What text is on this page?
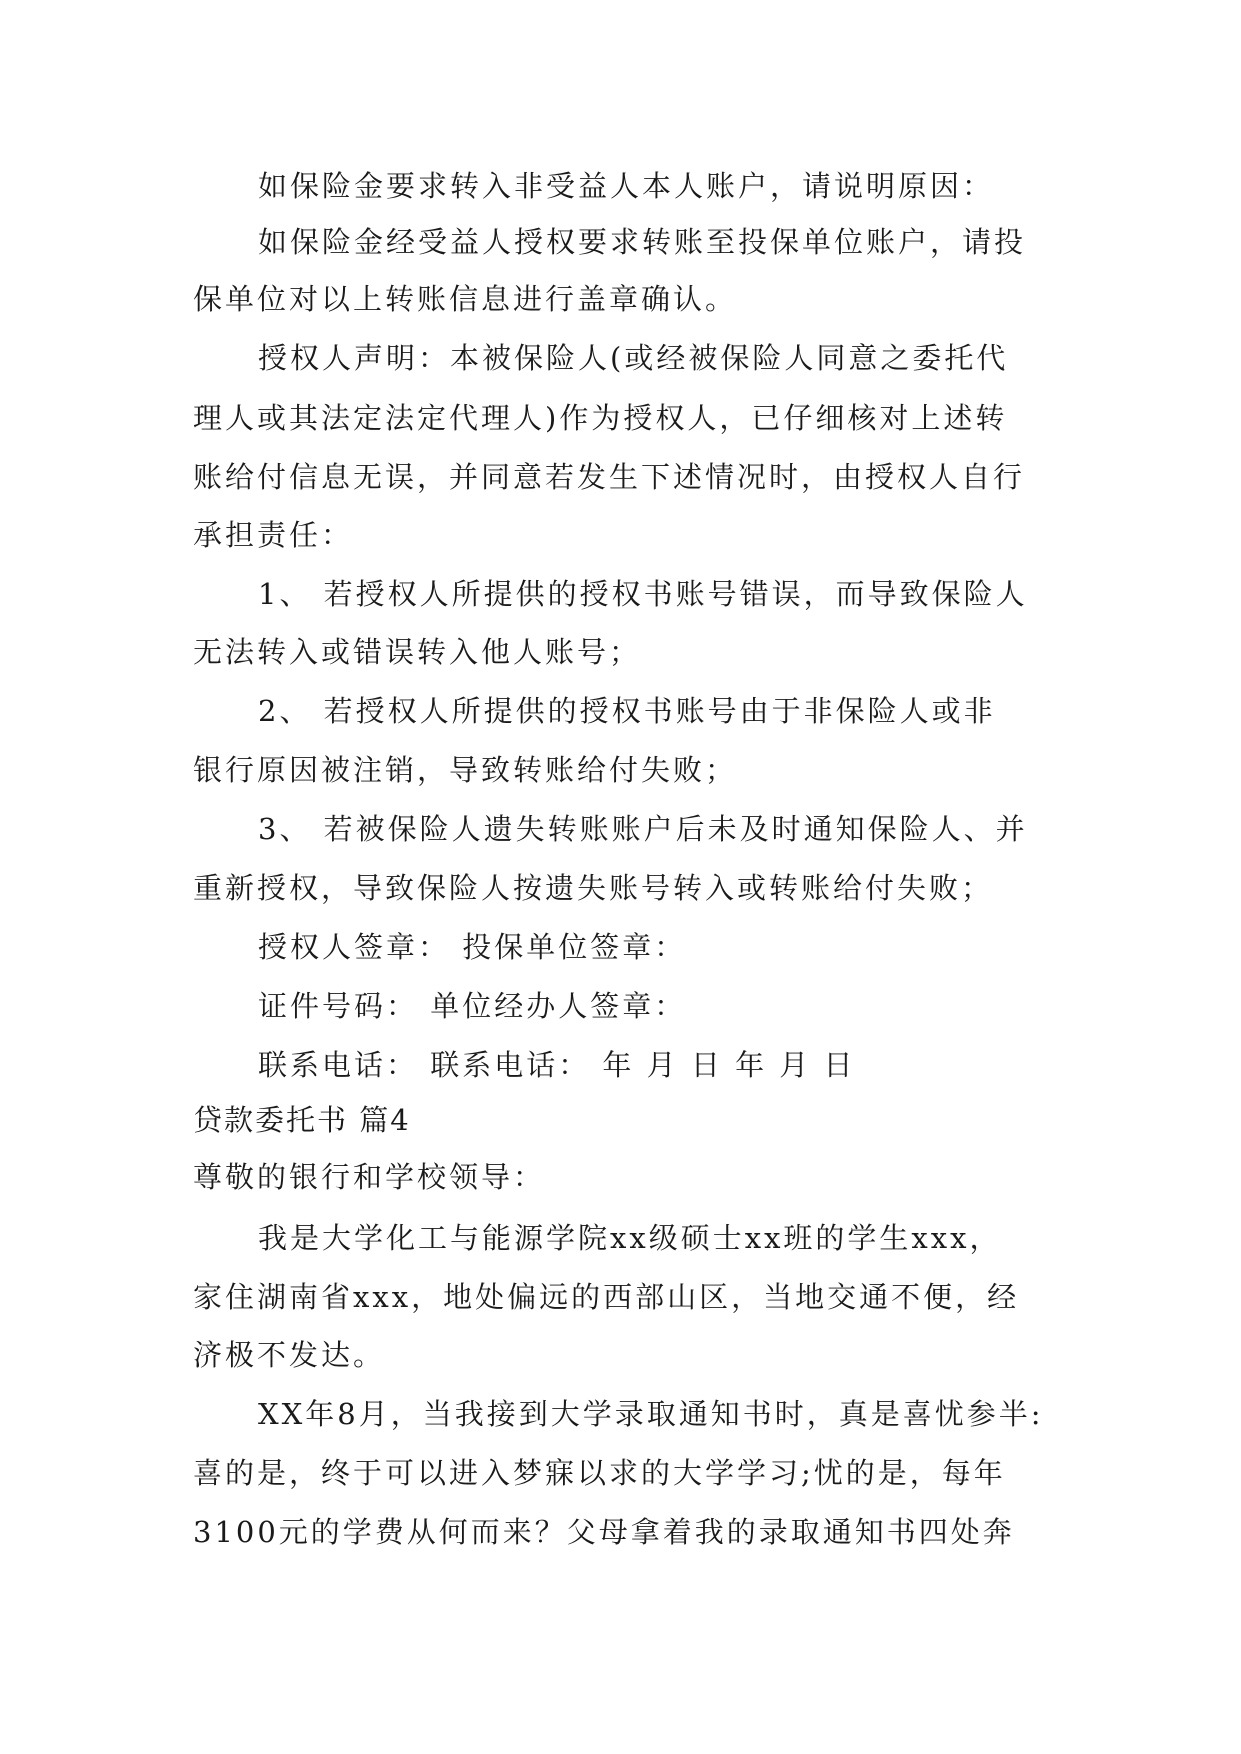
如保险金要求转入非受益人本人账户，请说明原因：
如保险金经受益人授权要求转账至投保单位账户，请投
保单位对以上转账信息进行盖章确认。
授权人声明：本被保险人(或经被保险人同意之委托代
理人或其法定法定代理人)作为授权人，已仔细核对上述转
账给付信息无误，并同意若发生下述情况时，由授权人自行
承担责任：
1、 若授权人所提供的授权书账号错误，而导致保险人
无法转入或错误转入他人账号；
2、 若授权人所提供的授权书账号由于非保险人或非
银行原因被注销，导致转账给付失败；
3、 若被保险人遗失转账账户后未及时通知保险人、并
重新授权，导致保险人按遗失账号转入或转账给付失败；
授权人签章： 投保单位签章：
证件号码： 单位经办人签章：
联系电话： 联系电话： 年 月 日 年 月 日
贷款委托书 篇4
尊敬的银行和学校领导：
我是大学化工与能源学院xx级硕士xx班的学生xxx，
家住湖南省xxx，地处偏远的西部山区，当地交通不便，经
济极不发达。
XX年8月，当我接到大学录取通知书时，真是喜忧参半:
喜的是，终于可以进入梦寐以求的大学学习;忧的是，每年
3100元的学费从何而来？父母拿着我的录取通知书四处奔
